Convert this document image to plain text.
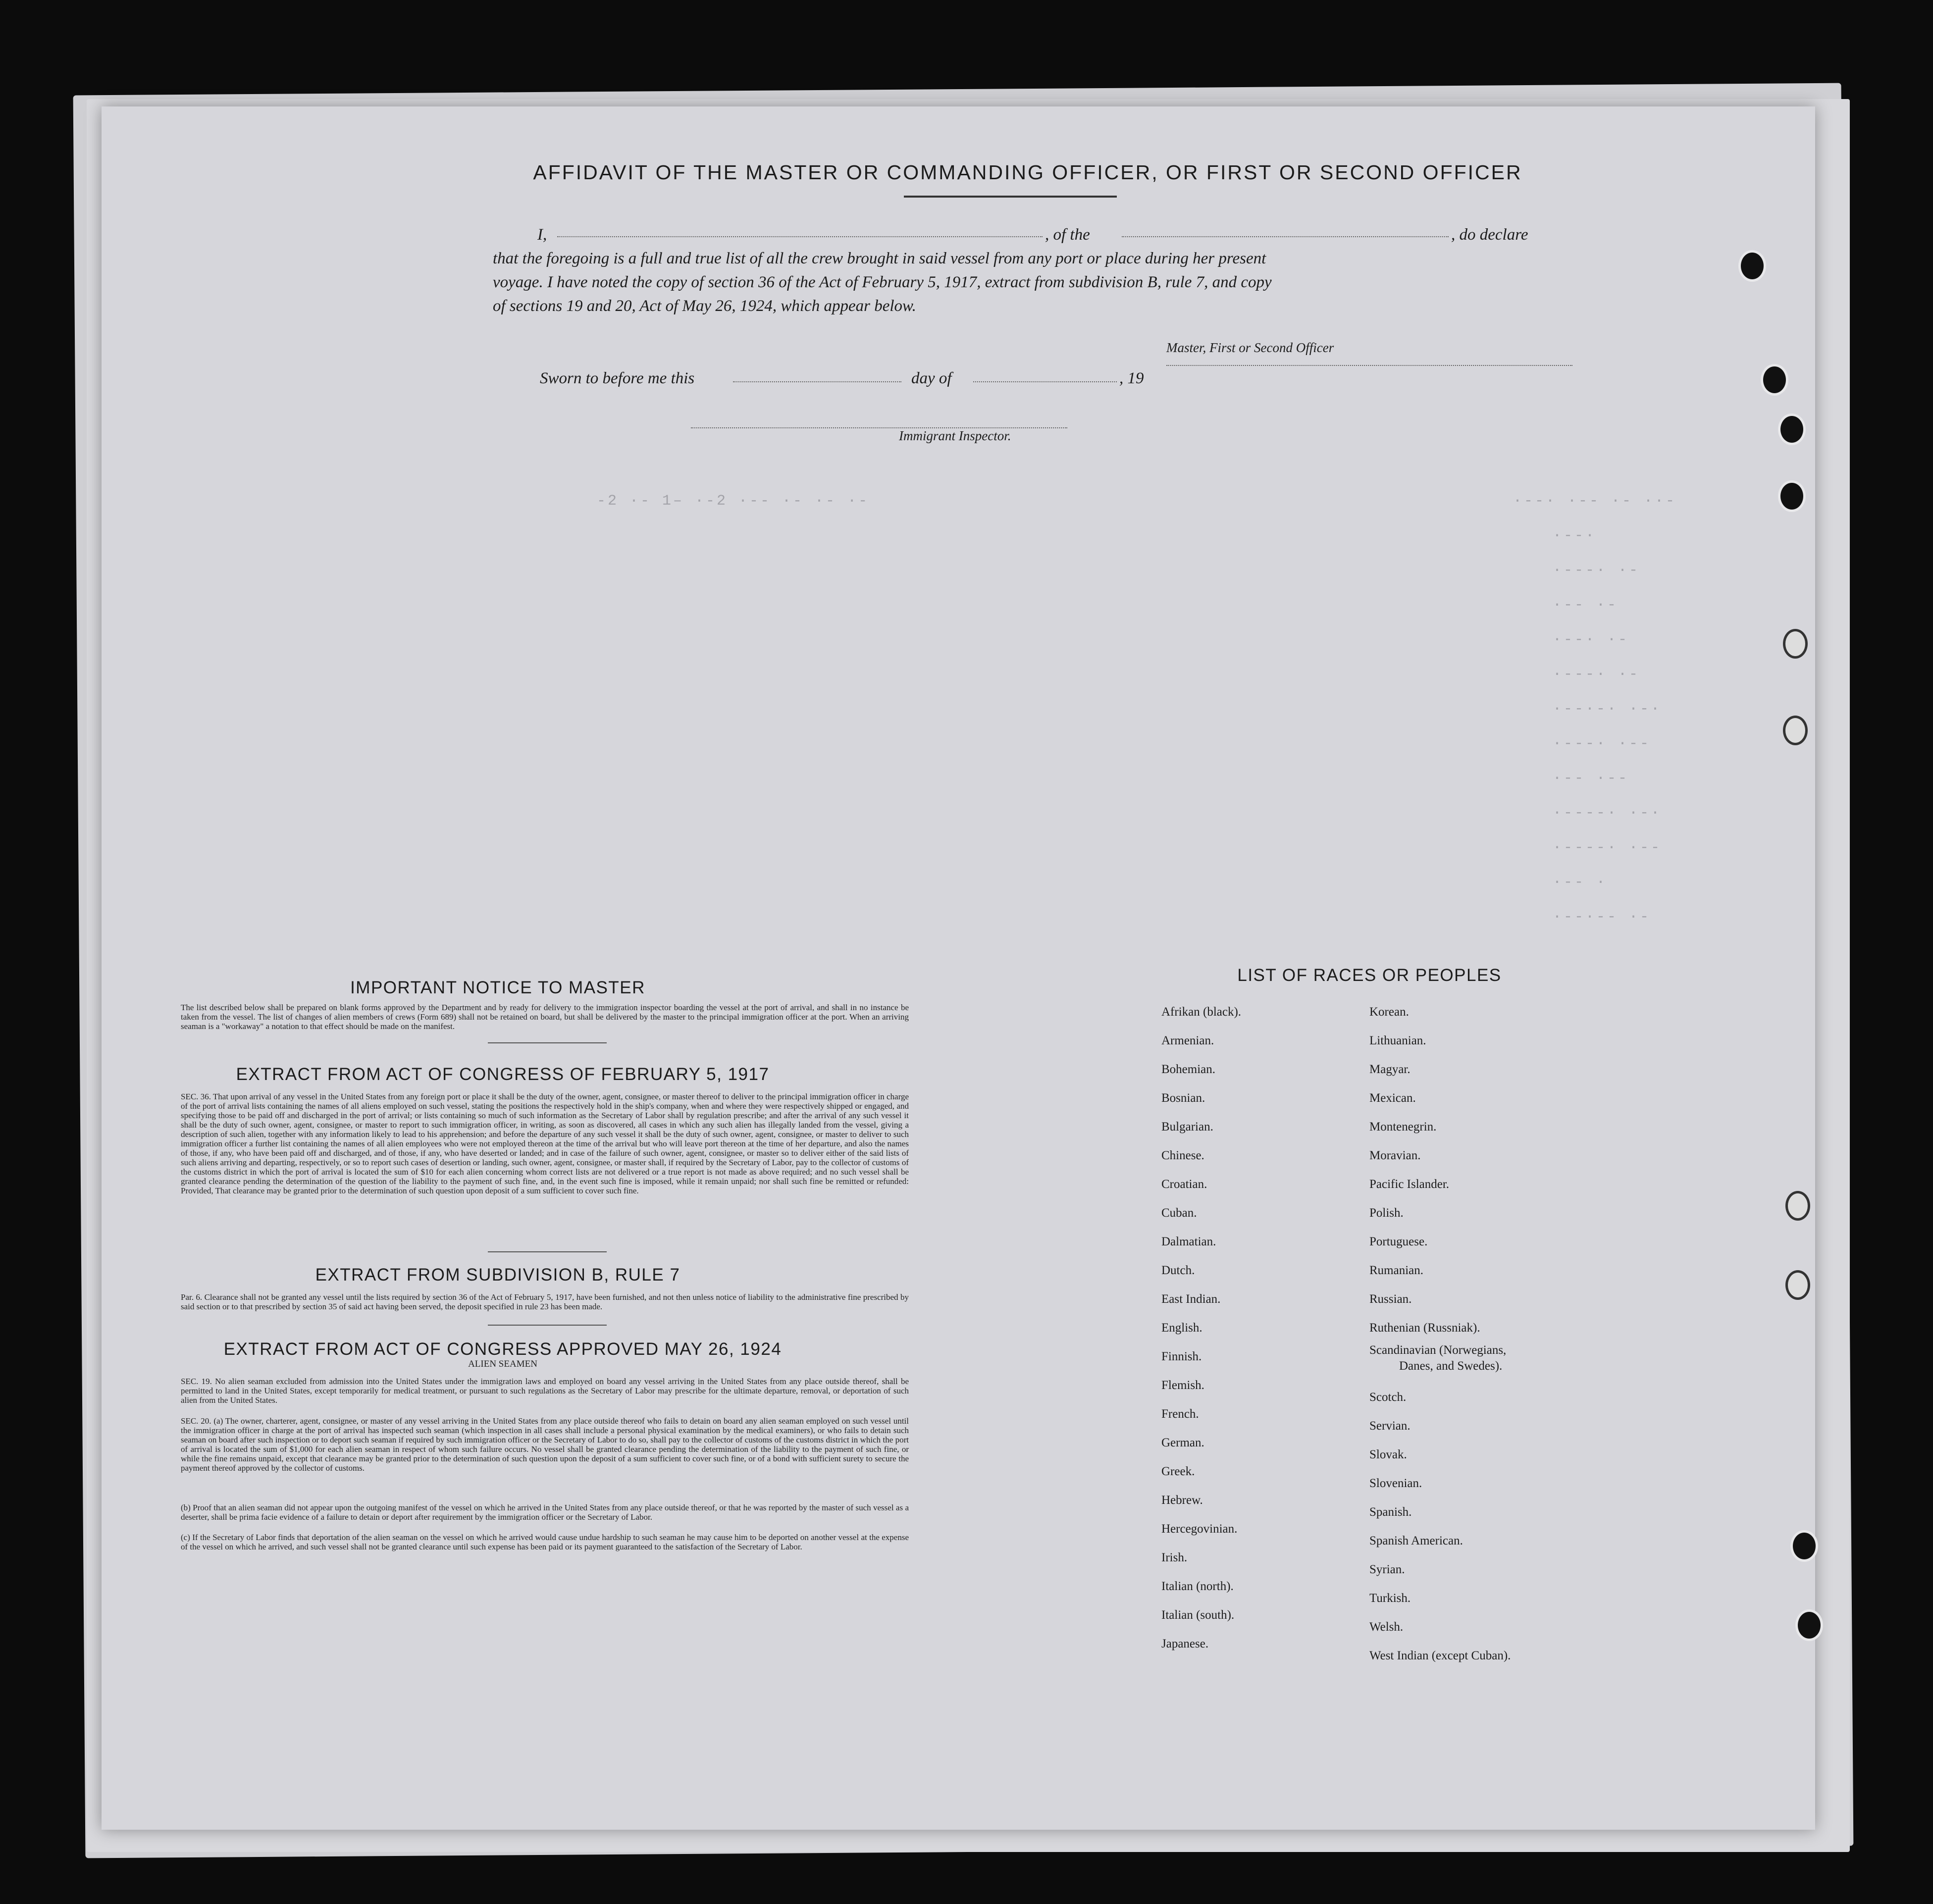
AFFIDAVIT OF THE MASTER OR COMMANDING OFFICER, OR FIRST OR SECOND OFFICER
I,	, of the	, do declare
that the foregoing is a full and true list of all the crew brought in said vessel from any port or place during her present
voyage. I have noted the copy of section 36 of the Act of February 5, 1917, extract from subdivision B, rule 7, and copy
of sections 19 and 20, Act of May 26, 1924, which appear below.
Master, First or Second Officer
Sworn to before me this	day of	, 19
Immigrant Inspector.
-2 ·- 1– ·-2 ·-- ·- ·- ·-	·--· ·-- ·- ··-
·--·
·---· ·-
·-- ·-
·--· ·-
·---· ·-
·--·-· ·-·
·---· ·--
·-- ·--
·----· ·-·
·----· ·--
·-- ·
·--·-- ·-
IMPORTANT NOTICE TO MASTER
The list described below shall be prepared on blank forms approved by the Department and by ready for delivery to the immigration inspector boarding the vessel at the port of arrival, and shall in no instance be taken from the vessel. The list of changes of alien members of crews (Form 689) shall not be retained on board, but shall be delivered by the master to the principal immigration officer at the port. When an arriving seaman is a "workaway" a notation to that effect should be made on the manifest.
EXTRACT FROM ACT OF CONGRESS OF FEBRUARY 5, 1917
SEC. 36. That upon arrival of any vessel in the United States from any foreign port or place it shall be the duty of the owner, agent, consignee, or master thereof to deliver to the principal immigration officer in charge of the port of arrival lists containing the names of all aliens employed on such vessel, stating the positions the respectively hold in the ship's company, when and where they were respectively shipped or engaged, and specifying those to be paid off and discharged in the port of arrival; or lists containing so much of such information as the Secretary of Labor shall by regulation prescribe; and after the arrival of any such vessel it shall be the duty of such owner, agent, consignee, or master to report to such immigration officer, in writing, as soon as discovered, all cases in which any such alien has illegally landed from the vessel, giving a description of such alien, together with any information likely to lead to his apprehension; and before the departure of any such vessel it shall be the duty of such owner, agent, consignee, or master to deliver to such immigration officer a further list containing the names of all alien employees who were not employed thereon at the time of the arrival but who will leave port thereon at the time of her departure, and also the names of those, if any, who have been paid off and discharged, and of those, if any, who have deserted or landed; and in case of the failure of such owner, agent, consignee, or master so to deliver either of the said lists of such aliens arriving and departing, respectively, or so to report such cases of desertion or landing, such owner, agent, consignee, or master shall, if required by the Secretary of Labor, pay to the collector of customs of the customs district in which the port of arrival is located the sum of $10 for each alien concerning whom correct lists are not delivered or a true report is not made as above required; and no such vessel shall be granted clearance pending the determination of the question of the liability to the payment of such fine, and, in the event such fine is imposed, while it remain unpaid; nor shall such fine be remitted or refunded: Provided, That clearance may be granted prior to the determination of such question upon deposit of a sum sufficient to cover such fine.
EXTRACT FROM SUBDIVISION B, RULE 7
Par. 6. Clearance shall not be granted any vessel until the lists required by section 36 of the Act of February 5, 1917, have been furnished, and not then unless notice of liability to the administrative fine prescribed by said section or to that prescribed by section 35 of said act having been served, the deposit specified in rule 23 has been made.
EXTRACT FROM ACT OF CONGRESS APPROVED MAY 26, 1924
ALIEN SEAMEN
SEC. 19. No alien seaman excluded from admission into the United States under the immigration laws and employed on board any vessel arriving in the United States from any place outside thereof, shall be permitted to land in the United States, except temporarily for medical treatment, or pursuant to such regulations as the Secretary of Labor may prescribe for the ultimate departure, removal, or deportation of such alien from the United States.
SEC. 20. (a) The owner, charterer, agent, consignee, or master of any vessel arriving in the United States from any place outside thereof who fails to detain on board any alien seaman employed on such vessel until the immigration officer in charge at the port of arrival has inspected such seaman (which inspection in all cases shall include a personal physical examination by the medical examiners), or who fails to detain such seaman on board after such inspection or to deport such seaman if required by such immigration officer or the Secretary of Labor to do so, shall pay to the collector of customs of the customs district in which the port of arrival is located the sum of $1,000 for each alien seaman in respect of whom such failure occurs. No vessel shall be granted clearance pending the determination of the liability to the payment of such fine, or while the fine remains unpaid, except that clearance may be granted prior to the determination of such question upon the deposit of a sum sufficient to cover such fine, or of a bond with sufficient surety to secure the payment thereof approved by the collector of customs.
(b) Proof that an alien seaman did not appear upon the outgoing manifest of the vessel on which he arrived in the United States from any place outside thereof, or that he was reported by the master of such vessel as a deserter, shall be prima facie evidence of a failure to detain or deport after requirement by the immigration officer or the Secretary of Labor.
(c) If the Secretary of Labor finds that deportation of the alien seaman on the vessel on which he arrived would cause undue hardship to such seaman he may cause him to be deported on another vessel at the expense of the vessel on which he arrived, and such vessel shall not be granted clearance until such expense has been paid or its payment guaranteed to the satisfaction of the Secretary of Labor.
LIST OF RACES OR PEOPLES
Afrikan (black).
Armenian.
Bohemian.
Bosnian.
Bulgarian.
Chinese.
Croatian.
Cuban.
Dalmatian.
Dutch.
East Indian.
English.
Finnish.
Flemish.
French.
German.
Greek.
Hebrew.
Hercegovinian.
Irish.
Italian (north).
Italian (south).
Japanese.
Korean.
Lithuanian.
Magyar.
Mexican.
Montenegrin.
Moravian.
Pacific Islander.
Polish.
Portuguese.
Rumanian.
Russian.
Ruthenian (Russniak).
Scandinavian (Norwegians,
Danes, and Swedes).
Scotch.
Servian.
Slovak.
Slovenian.
Spanish.
Spanish American.
Syrian.
Turkish.
Welsh.
West Indian (except Cuban).
